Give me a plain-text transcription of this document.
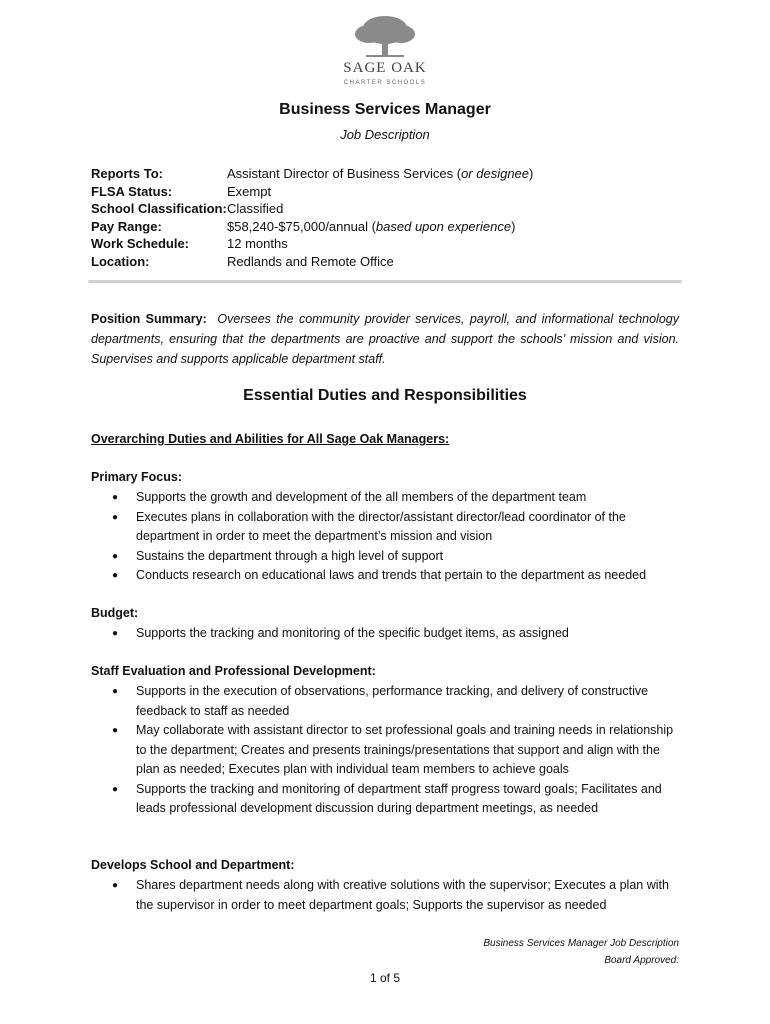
SAGE OAK
CHARTER SCHOOLS
Business Services Manager
Job Description
Reports To:	Assistant Director of Business Services (or designee)
FLSA Status:	Exempt
School Classification: Classified
Pay Range:	$58,240-$75,000/annual (based upon experience)
Work Schedule:	12 months
Location:	Redlands and Remote Office
Position Summary: Oversees the community provider services, payroll, and informational technology departments, ensuring that the departments are proactive and support the schools’ mission and vision. Supervises and supports applicable department staff.
Essential Duties and Responsibilities
Overarching Duties and Abilities for All Sage Oak Managers:
Primary Focus:
● Supports the growth and development of the all members of the department team
● Executes plans in collaboration with the director/assistant director/lead coordinator of the department in order to meet the department’s mission and vision
● Sustains the department through a high level of support
● Conducts research on educational laws and trends that pertain to the department as needed
Budget:
● Supports the tracking and monitoring of the specific budget items, as assigned
Staff Evaluation and Professional Development:
● Supports in the execution of observations, performance tracking, and delivery of constructive feedback to staff as needed
● May collaborate with assistant director to set professional goals and training needs in relationship to the department; Creates and presents trainings/presentations that support and align with the plan as needed; Executes plan with individual team members to achieve goals
● Supports the tracking and monitoring of department staff progress toward goals; Facilitates and leads professional development discussion during department meetings, as needed
Develops School and Department:
● Shares department needs along with creative solutions with the supervisor; Executes a plan with the supervisor in order to meet department goals; Supports the supervisor as needed
Business Services Manager Job Description
Board Approved:
1 of 5
